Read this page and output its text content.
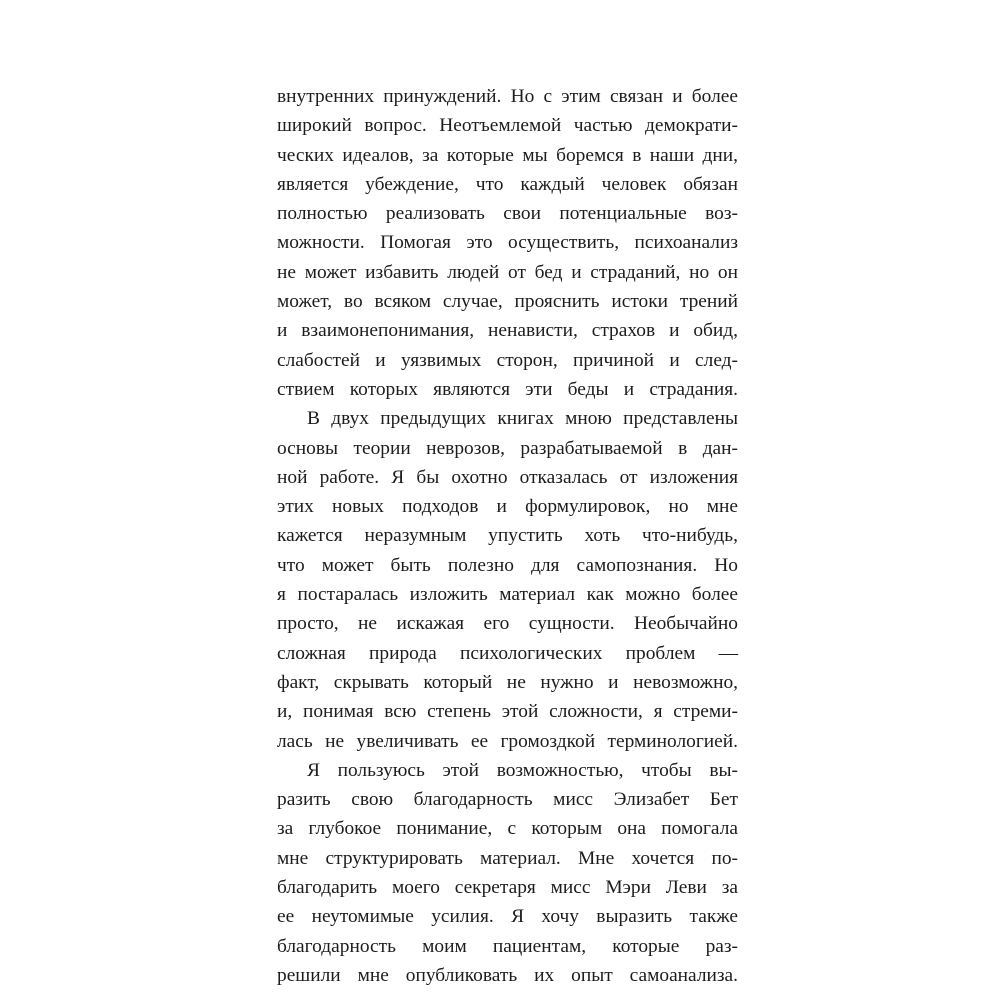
внутренних принуждений. Но с этим связан и более
широкий вопрос. Неотъемлемой частью демократи-
ческих идеалов, за которые мы боремся в наши дни,
является убеждение, что каждый человек обязан
полностью реализовать свои потенциальные воз-
можности. Помогая это осуществить, психоанализ
не может избавить людей от бед и страданий, но он
может, во всяком случае, прояснить истоки трений
и взаимонепонимания, ненависти, страхов и обид,
слабостей и уязвимых сторон, причиной и след-
ствием которых являются эти беды и страдания.
В двух предыдущих книгах мною представлены
основы теории неврозов, разрабатываемой в дан-
ной работе. Я бы охотно отказалась от изложения
этих новых подходов и формулировок, но мне
кажется неразумным упустить хоть что-нибудь,
что может быть полезно для самопознания. Но
я постаралась изложить материал как можно более
просто, не искажая его сущности. Необычайно
сложная природа психологических проблем —
факт, скрывать который не нужно и невозможно,
и, понимая всю степень этой сложности, я стреми-
лась не увеличивать ее громоздкой терминологией.
Я пользуюсь этой возможностью, чтобы вы-
разить свою благодарность мисс Элизабет Бет
за глубокое понимание, с которым она помогала
мне структурировать материал. Мне хочется по-
благодарить моего секретаря мисс Мэри Леви за
ее неутомимые усилия. Я хочу выразить также
благодарность моим пациентам, которые раз-
решили мне опубликовать их опыт самоанализа.
